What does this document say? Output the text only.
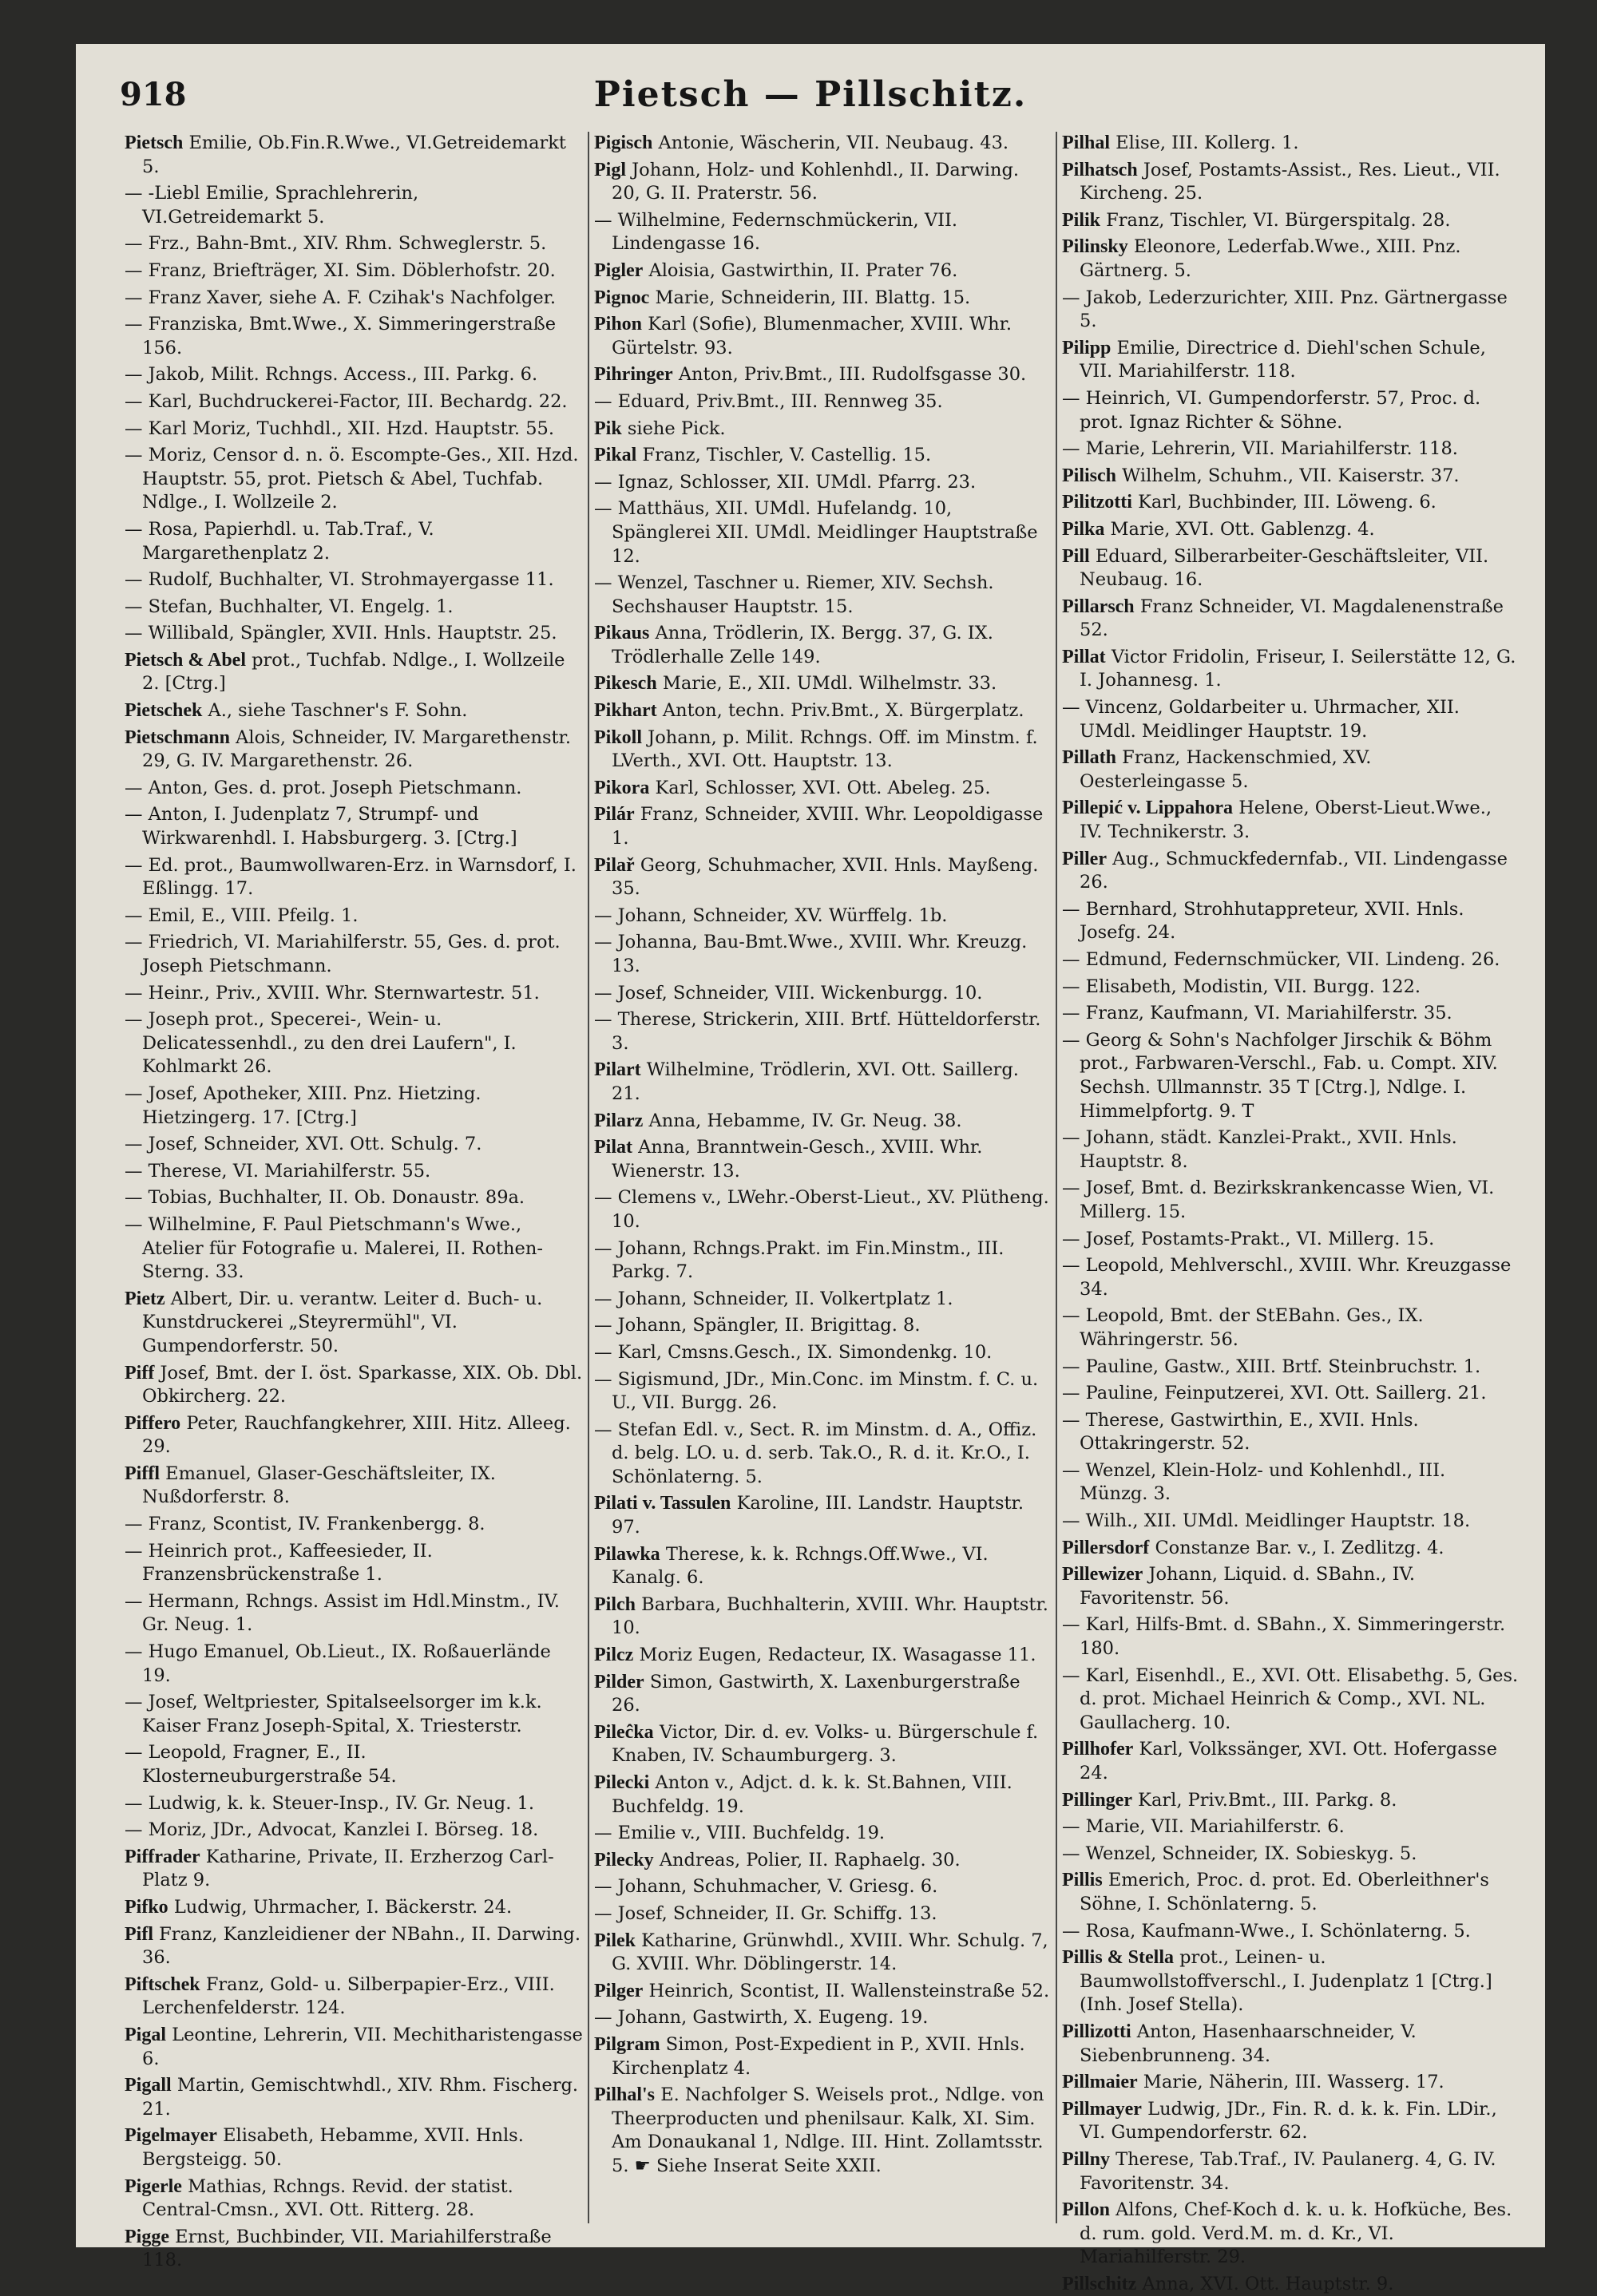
918	Pietsch — Pillschitz.
Pietsch Emilie, Ob.Fin.R.Wwe., VI.Getreidemarkt 5.
— -Liebl Emilie, Sprachlehrerin, VI.Getreidemarkt 5.
— Frz., Bahn-Bmt., XIV. Rhm. Schweglerstr. 5.
— Franz, Briefträger, XI. Sim. Döblerhofstr. 20.
— Franz Xaver, siehe A. F. Czihak's Nachfolger.
— Franziska, Bmt.Wwe., X. Simmeringerstraße 156.
— Jakob, Milit. Rchngs. Access., III. Parkg. 6.
— Karl, Buchdruckerei-Factor, III. Bechardg. 22.
— Karl Moriz, Tuchhdl., XII. Hzd. Hauptstr. 55.
— Moriz, Censor d. n. ö. Escompte-Ges., XII. Hzd. Hauptstr. 55, prot. Pietsch & Abel, Tuchfab. Ndlge., I. Wollzeile 2.
— Rosa, Papierhdl. u. Tab.Traf., V. Margarethenplatz 2.
— Rudolf, Buchhalter, VI. Strohmayergasse 11.
— Stefan, Buchhalter, VI. Engelg. 1.
— Willibald, Spängler, XVII. Hnls. Hauptstr. 25.
Pietsch & Abel prot., Tuchfab. Ndlge., I. Wollzeile 2. [Ctrg.]
Pietschek A., siehe Taschner's F. Sohn.
Pietschmann Alois, Schneider, IV. Margarethenstr. 29, G. IV. Margarethenstr. 26.
— Anton, Ges. d. prot. Joseph Pietschmann.
— Anton, I. Judenplatz 7, Strumpf- und Wirkwarenhdl. I. Habsburgerg. 3. [Ctrg.]
— Ed. prot., Baumwollwaren-Erz. in Warnsdorf, I. Eßlingg. 17.
— Emil, E., VIII. Pfeilg. 1.
— Friedrich, VI. Mariahilferstr. 55, Ges. d. prot. Joseph Pietschmann.
— Heinr., Priv., XVIII. Whr. Sternwartestr. 51.
— Joseph prot., Specerei-, Wein- u. Delicatessenhdl., zu den drei Laufern", I. Kohlmarkt 26.
— Josef, Apotheker, XIII. Pnz. Hietzing. Hietzingerg. 17. [Ctrg.]
— Josef, Schneider, XVI. Ott. Schulg. 7.
— Therese, VI. Mariahilferstr. 55.
— Tobias, Buchhalter, II. Ob. Donaustr. 89a.
— Wilhelmine, F. Paul Pietschmann's Wwe., Atelier für Fotografie u. Malerei, II. Rothen-Sterng. 33.
Pietz Albert, Dir. u. verantw. Leiter d. Buch- u. Kunstdruckerei „Steyrermühl", VI. Gumpendorferstr. 50.
Piff Josef, Bmt. der I. öst. Sparkasse, XIX. Ob. Dbl. Obkircherg. 22.
Piffero Peter, Rauchfangkehrer, XIII. Hitz. Alleeg. 29.
Piffl Emanuel, Glaser-Geschäftsleiter, IX. Nußdorferstr. 8.
— Franz, Scontist, IV. Frankenbergg. 8.
— Heinrich prot., Kaffeesieder, II. Franzensbrückenstraße 1.
— Hermann, Rchngs. Assist im Hdl.Minstm., IV. Gr. Neug. 1.
— Hugo Emanuel, Ob.Lieut., IX. Roßauerlände 19.
— Josef, Weltpriester, Spitalseelsorger im k.k. Kaiser Franz Joseph-Spital, X. Triesterstr.
— Leopold, Fragner, E., II. Klosterneuburgerstraße 54.
— Ludwig, k. k. Steuer-Insp., IV. Gr. Neug. 1.
— Moriz, JDr., Advocat, Kanzlei I. Börseg. 18.
Piffrader Katharine, Private, II. Erzherzog Carl-Platz 9.
Pifko Ludwig, Uhrmacher, I. Bäckerstr. 24.
Pifl Franz, Kanzleidiener der NBahn., II. Darwing. 36.
Piftschek Franz, Gold- u. Silberpapier-Erz., VIII. Lerchenfelderstr. 124.
Pigal Leontine, Lehrerin, VII. Mechitharistengasse 6.
Pigall Martin, Gemischtwhdl., XIV. Rhm. Fischerg. 21.
Pigelmayer Elisabeth, Hebamme, XVII. Hnls. Bergsteigg. 50.
Pigerle Mathias, Rchngs. Revid. der statist. Central-Cmsn., XVI. Ott. Ritterg. 28.
Pigge Ernst, Buchbinder, VII. Mariahilferstraße 118.
Pigisch Antonie, Wäscherin, VII. Neubaug. 43.
Pigl Johann, Holz- und Kohlenhdl., II. Darwing. 20, G. II. Praterstr. 56.
— Wilhelmine, Federnschmückerin, VII. Lindengasse 16.
Pigler Aloisia, Gastwirthin, II. Prater 76.
Pignoc Marie, Schneiderin, III. Blattg. 15.
Pihon Karl (Sofie), Blumenmacher, XVIII. Whr. Gürtelstr. 93.
Pihringer Anton, Priv.Bmt., III. Rudolfsgasse 30.
— Eduard, Priv.Bmt., III. Rennweg 35.
Pik siehe Pick.
Pikal Franz, Tischler, V. Castellig. 15.
— Ignaz, Schlosser, XII. UMdl. Pfarrg. 23.
— Matthäus, XII. UMdl. Hufelandg. 10, Spänglerei XII. UMdl. Meidlinger Hauptstraße 12.
— Wenzel, Taschner u. Riemer, XIV. Sechsh. Sechshauser Hauptstr. 15.
Pikaus Anna, Trödlerin, IX. Bergg. 37, G. IX. Trödlerhalle Zelle 149.
Pikesch Marie, E., XII. UMdl. Wilhelmstr. 33.
Pikhart Anton, techn. Priv.Bmt., X. Bürgerplatz.
Pikoll Johann, p. Milit. Rchngs. Off. im Minstm. f. LVerth., XVI. Ott. Hauptstr. 13.
Pikora Karl, Schlosser, XVI. Ott. Abeleg. 25.
Pilár Franz, Schneider, XVIII. Whr. Leopoldigasse 1.
Pilař Georg, Schuhmacher, XVII. Hnls. Mayßeng. 35.
— Johann, Schneider, XV. Würffelg. 1b.
— Johanna, Bau-Bmt.Wwe., XVIII. Whr. Kreuzg. 13.
— Josef, Schneider, VIII. Wickenburgg. 10.
— Therese, Strickerin, XIII. Brtf. Hütteldorferstr. 3.
Pilart Wilhelmine, Trödlerin, XVI. Ott. Saillerg. 21.
Pilarz Anna, Hebamme, IV. Gr. Neug. 38.
Pilat Anna, Branntwein-Gesch., XVIII. Whr. Wienerstr. 13.
— Clemens v., LWehr.-Oberst-Lieut., XV. Plütheng. 10.
— Johann, Rchngs.Prakt. im Fin.Minstm., III. Parkg. 7.
— Johann, Schneider, II. Volkertplatz 1.
— Johann, Spängler, II. Brigittag. 8.
— Karl, Cmsns.Gesch., IX. Simondenkg. 10.
— Sigismund, JDr., Min.Conc. im Minstm. f. C. u. U., VII. Burgg. 26.
— Stefan Edl. v., Sect. R. im Minstm. d. A., Offiz. d. belg. LO. u. d. serb. Tak.O., R. d. it. Kr.O., I. Schönlaterng. 5.
Pilati v. Tassulen Karoline, III. Landstr. Hauptstr. 97.
Pilawka Therese, k. k. Rchngs.Off.Wwe., VI. Kanalg. 6.
Pilch Barbara, Buchhalterin, XVIII. Whr. Hauptstr. 10.
Pilcz Moriz Eugen, Redacteur, IX. Wasagasse 11.
Pilder Simon, Gastwirth, X. Laxenburgerstraße 26.
Pileĉka Victor, Dir. d. ev. Volks- u. Bürgerschule f. Knaben, IV. Schaumburgerg. 3.
Pilecki Anton v., Adjct. d. k. k. St.Bahnen, VIII. Buchfeldg. 19.
— Emilie v., VIII. Buchfeldg. 19.
Pilecky Andreas, Polier, II. Raphaelg. 30.
— Johann, Schuhmacher, V. Griesg. 6.
— Josef, Schneider, II. Gr. Schiffg. 13.
Pilek Katharine, Grünwhdl., XVIII. Whr. Schulg. 7, G. XVIII. Whr. Döblingerstr. 14.
Pilger Heinrich, Scontist, II. Wallensteinstraße 52.
— Johann, Gastwirth, X. Eugeng. 19.
Pilgram Simon, Post-Expedient in P., XVII. Hnls. Kirchenplatz 4.
Pilhal's E. Nachfolger S. Weisels prot., Ndlge. von Theerproducten und phenilsaur. Kalk, XI. Sim. Am Donaukanal 1, Ndlge. III. Hint. Zollamtsstr. 5. ☛ Siehe Inserat Seite XXII.
Pilhal Elise, III. Kollerg. 1.
Pilhatsch Josef, Postamts-Assist., Res. Lieut., VII. Kircheng. 25.
Pilik Franz, Tischler, VI. Bürgerspitalg. 28.
Pilinsky Eleonore, Lederfab.Wwe., XIII. Pnz. Gärtnerg. 5.
— Jakob, Lederzurichter, XIII. Pnz. Gärtnergasse 5.
Pilipp Emilie, Directrice d. Diehl'schen Schule, VII. Mariahilferstr. 118.
— Heinrich, VI. Gumpendorferstr. 57, Proc. d. prot. Ignaz Richter & Söhne.
— Marie, Lehrerin, VII. Mariahilferstr. 118.
Pilisch Wilhelm, Schuhm., VII. Kaiserstr. 37.
Pilitzotti Karl, Buchbinder, III. Löweng. 6.
Pilka Marie, XVI. Ott. Gablenzg. 4.
Pill Eduard, Silberarbeiter-Geschäftsleiter, VII. Neubaug. 16.
Pillarsch Franz Schneider, VI. Magdalenenstraße 52.
Pillat Victor Fridolin, Friseur, I. Seilerstätte 12, G. I. Johannesg. 1.
— Vincenz, Goldarbeiter u. Uhrmacher, XII. UMdl. Meidlinger Hauptstr. 19.
Pillath Franz, Hackenschmied, XV. Oesterleingasse 5.
Pillepić v. Lippahora Helene, Oberst-Lieut.Wwe., IV. Technikerstr. 3.
Piller Aug., Schmuckfedernfab., VII. Lindengasse 26.
— Bernhard, Strohhutappreteur, XVII. Hnls. Josefg. 24.
— Edmund, Federnschmücker, VII. Lindeng. 26.
— Elisabeth, Modistin, VII. Burgg. 122.
— Franz, Kaufmann, VI. Mariahilferstr. 35.
— Georg & Sohn's Nachfolger Jirschik & Böhm prot., Farbwaren-Verschl., Fab. u. Compt. XIV. Sechsh. Ullmannstr. 35 T [Ctrg.], Ndlge. I. Himmelpfortg. 9. T
— Johann, städt. Kanzlei-Prakt., XVII. Hnls. Hauptstr. 8.
— Josef, Bmt. d. Bezirkskrankencasse Wien, VI. Millerg. 15.
— Josef, Postamts-Prakt., VI. Millerg. 15.
— Leopold, Mehlverschl., XVIII. Whr. Kreuzgasse 34.
— Leopold, Bmt. der StEBahn. Ges., IX. Währingerstr. 56.
— Pauline, Gastw., XIII. Brtf. Steinbruchstr. 1.
— Pauline, Feinputzerei, XVI. Ott. Saillerg. 21.
— Therese, Gastwirthin, E., XVII. Hnls. Ottakringerstr. 52.
— Wenzel, Klein-Holz- und Kohlenhdl., III. Münzg. 3.
— Wilh., XII. UMdl. Meidlinger Hauptstr. 18.
Pillersdorf Constanze Bar. v., I. Zedlitzg. 4.
Pillewizer Johann, Liquid. d. SBahn., IV. Favoritenstr. 56.
— Karl, Hilfs-Bmt. d. SBahn., X. Simmeringerstr. 180.
— Karl, Eisenhdl., E., XVI. Ott. Elisabethg. 5, Ges. d. prot. Michael Heinrich & Comp., XVI. NL. Gaullacherg. 10.
Pillhofer Karl, Volkssänger, XVI. Ott. Hofergasse 24.
Pillinger Karl, Priv.Bmt., III. Parkg. 8.
— Marie, VII. Mariahilferstr. 6.
— Wenzel, Schneider, IX. Sobieskyg. 5.
Pillis Emerich, Proc. d. prot. Ed. Oberleithner's Söhne, I. Schönlaterng. 5.
— Rosa, Kaufmann-Wwe., I. Schönlaterng. 5.
Pillis & Stella prot., Leinen- u. Baumwollstoffverschl., I. Judenplatz 1 [Ctrg.] (Inh. Josef Stella).
Pillizotti Anton, Hasenhaarschneider, V. Siebenbrunneng. 34.
Pillmaier Marie, Näherin, III. Wasserg. 17.
Pillmayer Ludwig, JDr., Fin. R. d. k. k. Fin. LDir., VI. Gumpendorferstr. 62.
Pillny Therese, Tab.Traf., IV. Paulanerg. 4, G. IV. Favoritenstr. 34.
Pillon Alfons, Chef-Koch d. k. u. k. Hofküche, Bes. d. rum. gold. Verd.M. m. d. Kr., VI. Mariahilferstr. 29.
Pillschitz Anna, XVI. Ott. Hauptstr. 9.
